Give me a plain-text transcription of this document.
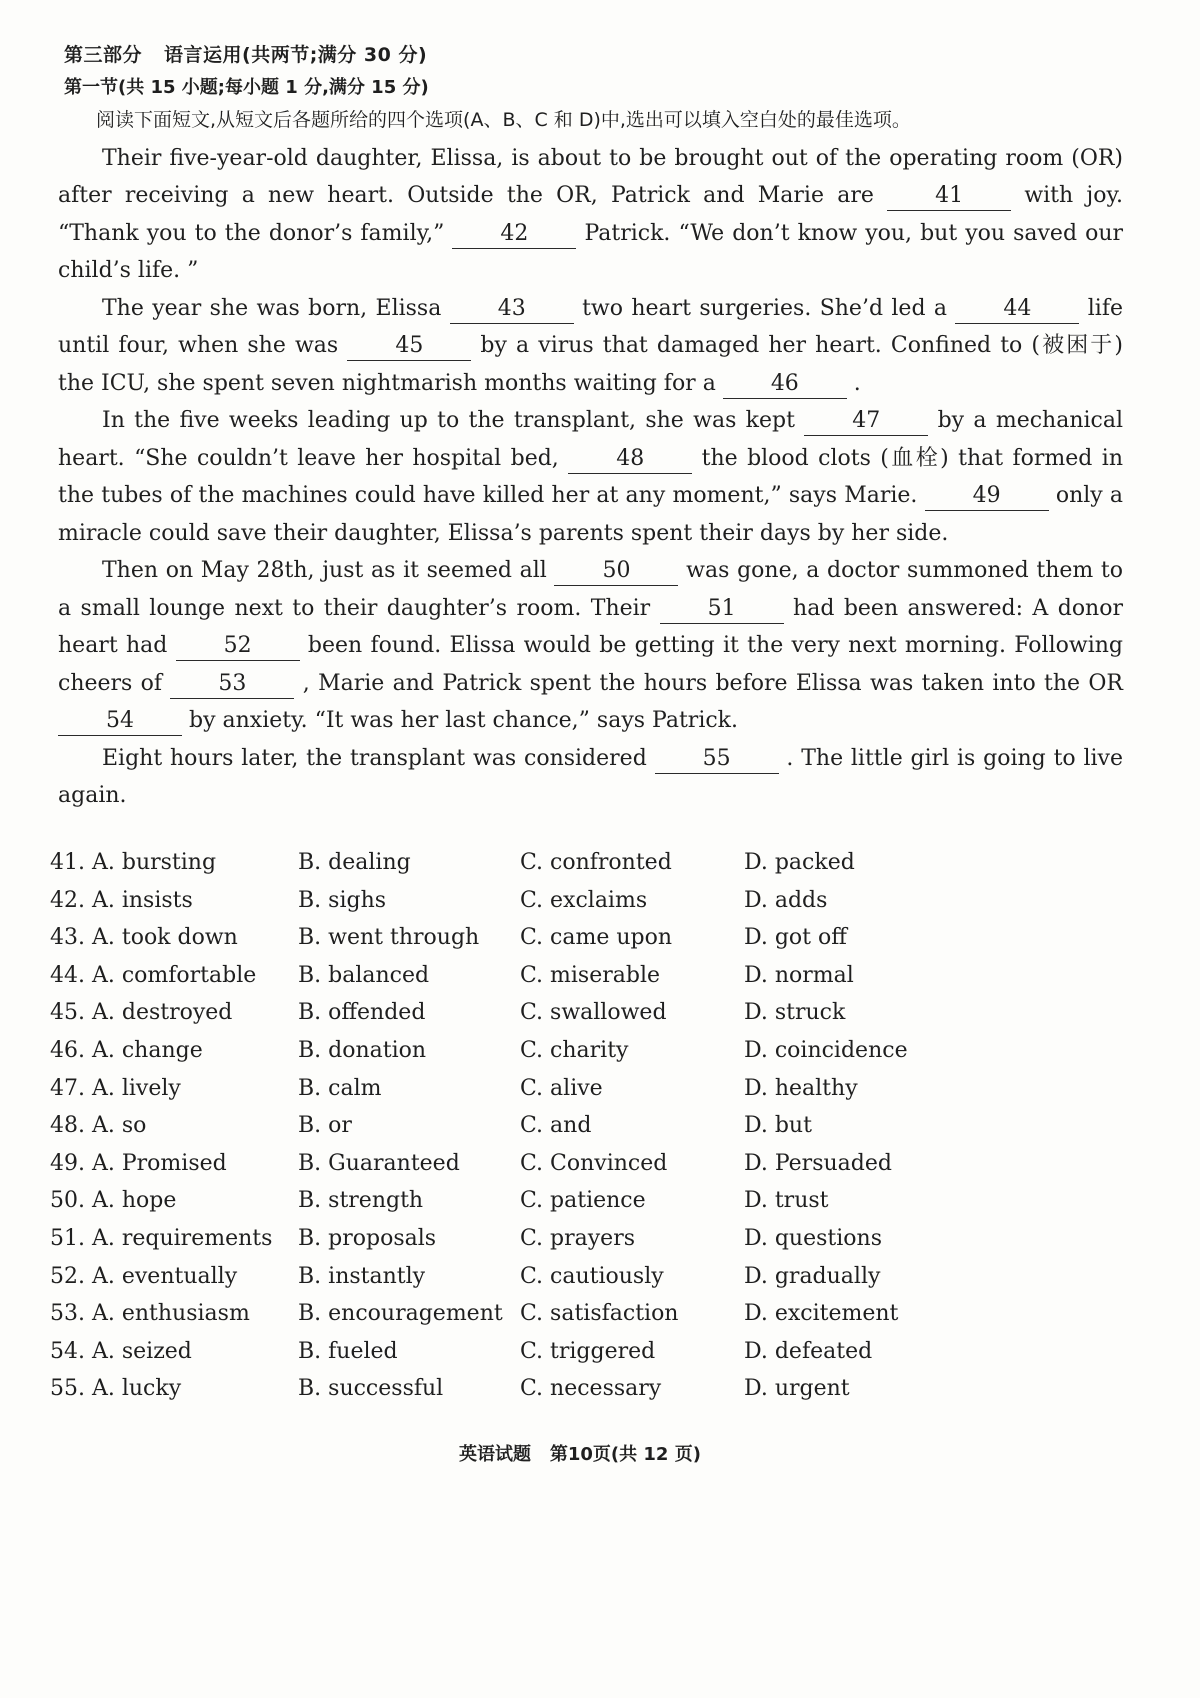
第三部分 语言运用(共两节;满分 30 分)
第一节(共 15 小题;每小题 1 分,满分 15 分)

阅读下面短文,从短文后各题所给的四个选项(A、B、C 和 D)中,选出可以填入空白处的最佳选项。

Their five-year-old daughter, Elissa, is about to be brought out of the operating room (OR) after receiving a new heart. Outside the OR, Patrick and Marie are 41 with joy. “Thank you to the donor’s family,” 42 Patrick. “We don’t know you, but you saved our child’s life. ”

The year she was born, Elissa 43 two heart surgeries. She’d led a 44 life until four, when she was 45 by a virus that damaged her heart. Confined to (被困于) the ICU, she spent seven nightmarish months waiting for a 46 .

In the five weeks leading up to the transplant, she was kept 47 by a mechanical heart. “She couldn’t leave her hospital bed, 48 the blood clots (血栓) that formed in the tubes of the machines could have killed her at any moment,” says Marie. 49 only a miracle could save their daughter, Elissa’s parents spent their days by her side.

Then on May 28th, just as it seemed all 50 was gone, a doctor summoned them to a small lounge next to their daughter’s room. Their 51 had been answered: A donor heart had 52 been found. Elissa would be getting it the very next morning. Following cheers of 53 , Marie and Patrick spent the hours before Elissa was taken into the OR 54 by anxiety. “It was her last chance,” says Patrick.

Eight hours later, the transplant was considered 55 . The little girl is going to live again.

41. A. bursting	B. dealing	C. confronted	D. packed
42. A. insists	B. sighs	C. exclaims	D. adds
43. A. took down	B. went through C. came upon	D. got off
44. A. comfortable B. balanced	C. miserable	D. normal
45. A. destroyed	B. offended	C. swallowed	D. struck
46. A. change	B. donation	C. charity	D. coincidence
47. A. lively	B. calm	C. alive	D. healthy
48. A. so	B. or	C. and	D. but
49. A. Promised	B. Guaranteed	C. Convinced	D. Persuaded
50. A. hope	B. strength	C. patience	D. trust
51. A. requirements B. proposals	C. prayers	D. questions
52. A. eventually	B. instantly	C. cautiously	D. gradually
53. A. enthusiasm B. encouragement C. satisfaction	D. excitement
54. A. seized	B. fueled	C. triggered	D. defeated
55. A. lucky	B. successful	C. necessary	D. urgent
英语试题 第10页(共 12 页)
